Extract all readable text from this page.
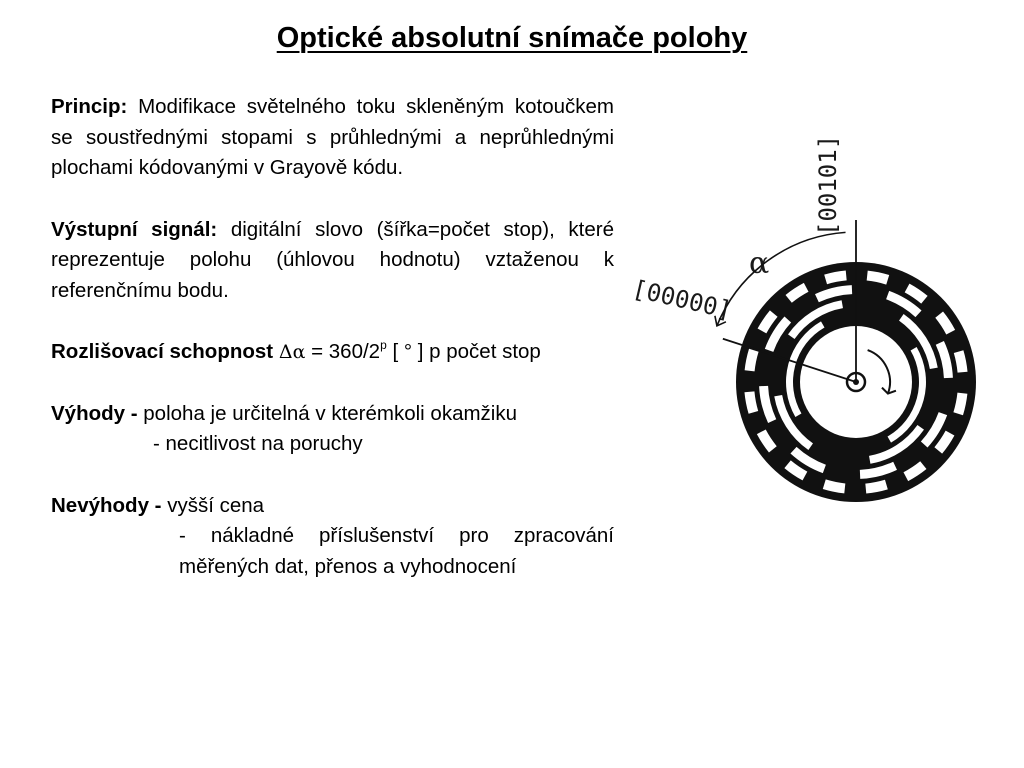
Optické absolutní snímače polohy
Princip: Modifikace světelného toku skleněným kotoučkem se soustřednými stopami s průhlednými a neprůhlednými plochami kódovanými v Grayově kódu.
Výstupní signál: digitální slovo (šířka=počet stop), které reprezentuje polohu (úhlovou hodnotu) vztaženou k referenčnímu bodu.
Rozlišovací schopnost $\Delta\alpha = 360/2^p$ [ ° ] p počet stop
Výhody - poloha je určitelná v kterémkoli okamžiku
- necitlivost na poruchy
Nevýhody - vyšší cena
- nákladné příslušenství pro zpracování měřených dat, přenos a vyhodnocení
[00101]
[00000]
α
